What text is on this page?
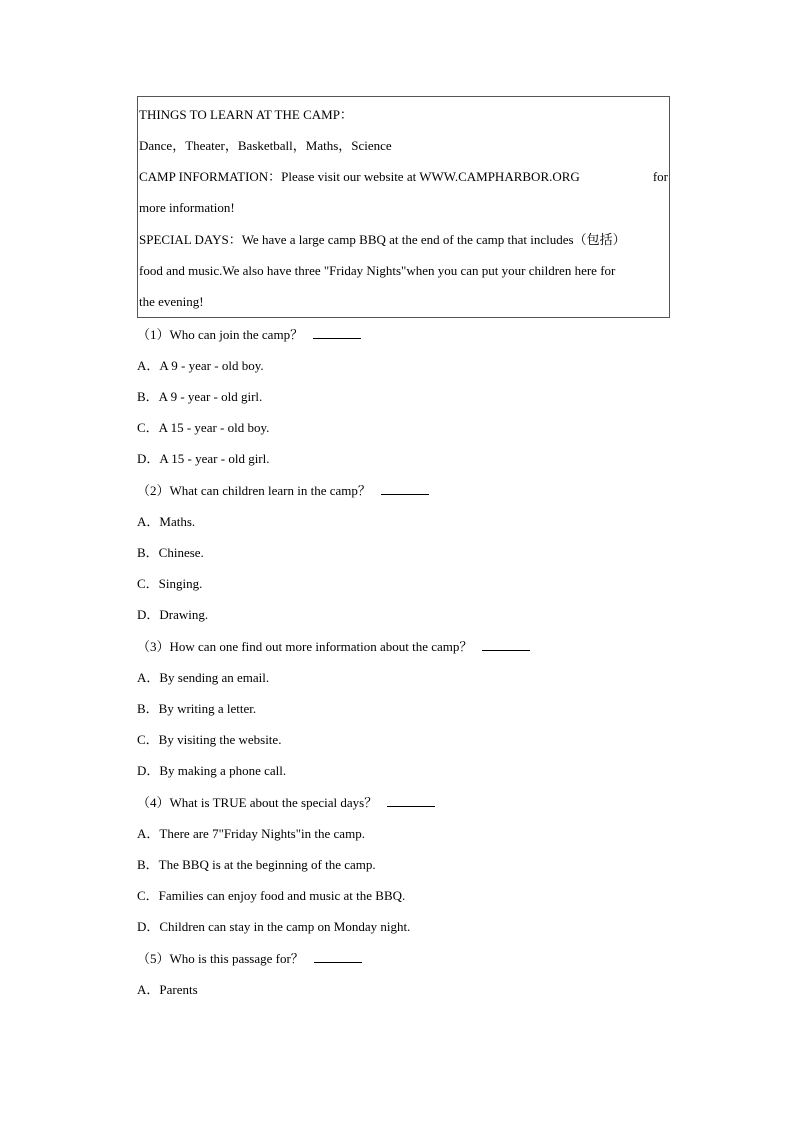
THINGS TO LEARN AT THE CAMP：
Dance，Theater，Basketball，Maths，Science
CAMP INFORMATION：Please visit our website at WWW.CAMPHARBOR.ORG	for
more information!
SPECIAL DAYS：We have a large camp BBQ at the end of the camp that includes（包括）
food and music.We also have three "Friday Nights"when you can put your children here for
the evening!
（1）Who can join the camp？
A．A 9 - year - old boy.
B．A 9 - year - old girl.
C．A 15 - year - old boy.
D．A 15 - year - old girl.
（2）What can children learn in the camp？
A．Maths.
B．Chinese.
C．Singing.
D．Drawing.
（3）How can one find out more information about the camp？
A．By sending an email.
B．By writing a letter.
C．By visiting the website.
D．By making a phone call.
（4）What is TRUE about the special days？
A．There are 7"Friday Nights"in the camp.
B．The BBQ is at the beginning of the camp.
C．Families can enjoy food and music at the BBQ.
D．Children can stay in the camp on Monday night.
（5）Who is this passage for？
A．Parents
